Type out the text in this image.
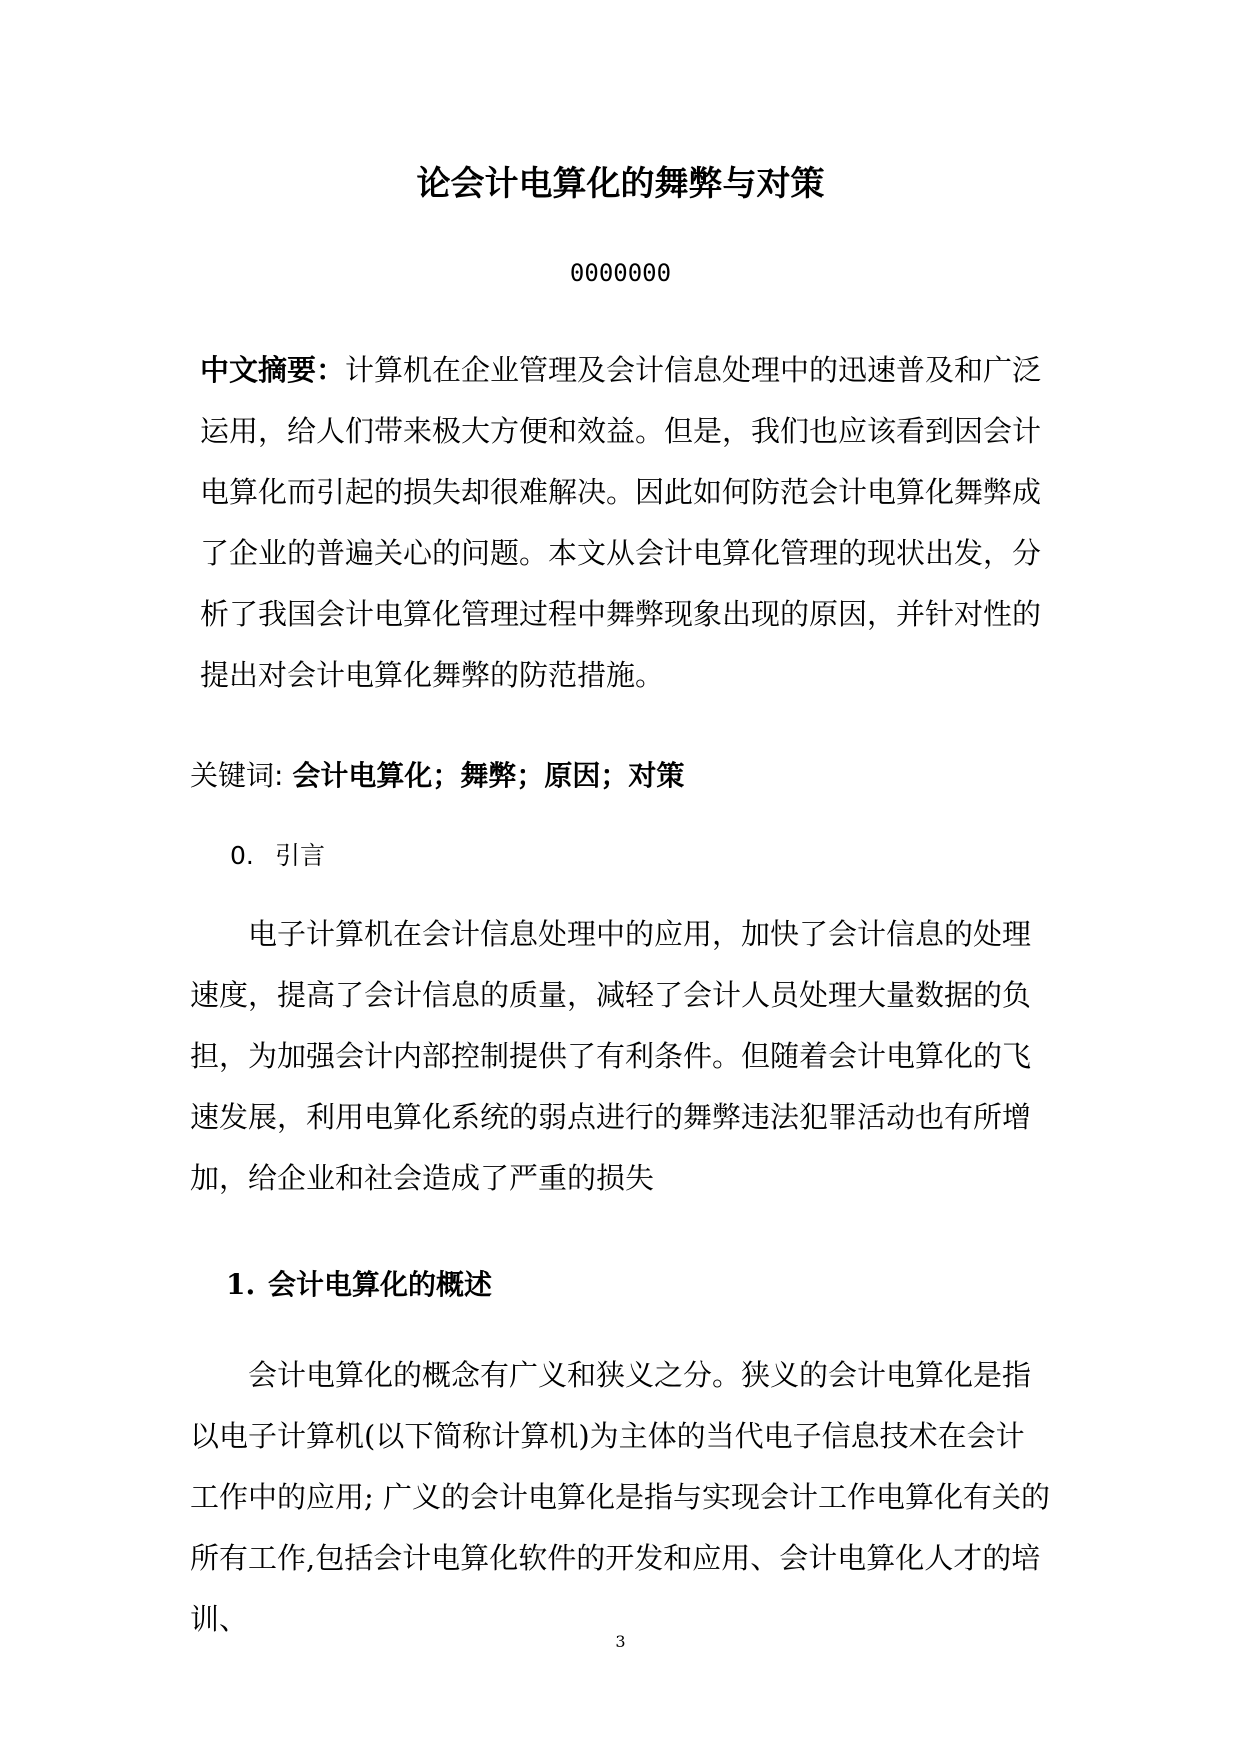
论会计电算化的舞弊与对策
0000000

中文摘要：计算机在企业管理及会计信息处理中的迅速普及和广泛运用，给人们带来极大方便和效益。但是，我们也应该看到因会计电算化而引起的损失却很难解决。因此如何防范会计电算化舞弊成了企业的普遍关心的问题。本文从会计电算化管理的现状出发，分析了我国会计电算化管理过程中舞弊现象出现的原因，并针对性的提出对会计电算化舞弊的防范措施。

关键词: 会计电算化；舞弊；原因；对策
0. 引言

电子计算机在会计信息处理中的应用，加快了会计信息的处理速度，提高了会计信息的质量，减轻了会计人员处理大量数据的负担，为加强会计内部控制提供了有利条件。但随着会计电算化的飞速发展，利用电算化系统的弱点进行的舞弊违法犯罪活动也有所增加，给企业和社会造成了严重的损失

1. 会计电算化的概述

会计电算化的概念有广义和狭义之分。狭义的会计电算化是指以电子计算机(以下简称计算机)为主体的当代电子信息技术在会计工作中的应用; 广义的会计电算化是指与实现会计工作电算化有关的所有工作,包括会计电算化软件的开发和应用、会计电算化人才的培训、

3
